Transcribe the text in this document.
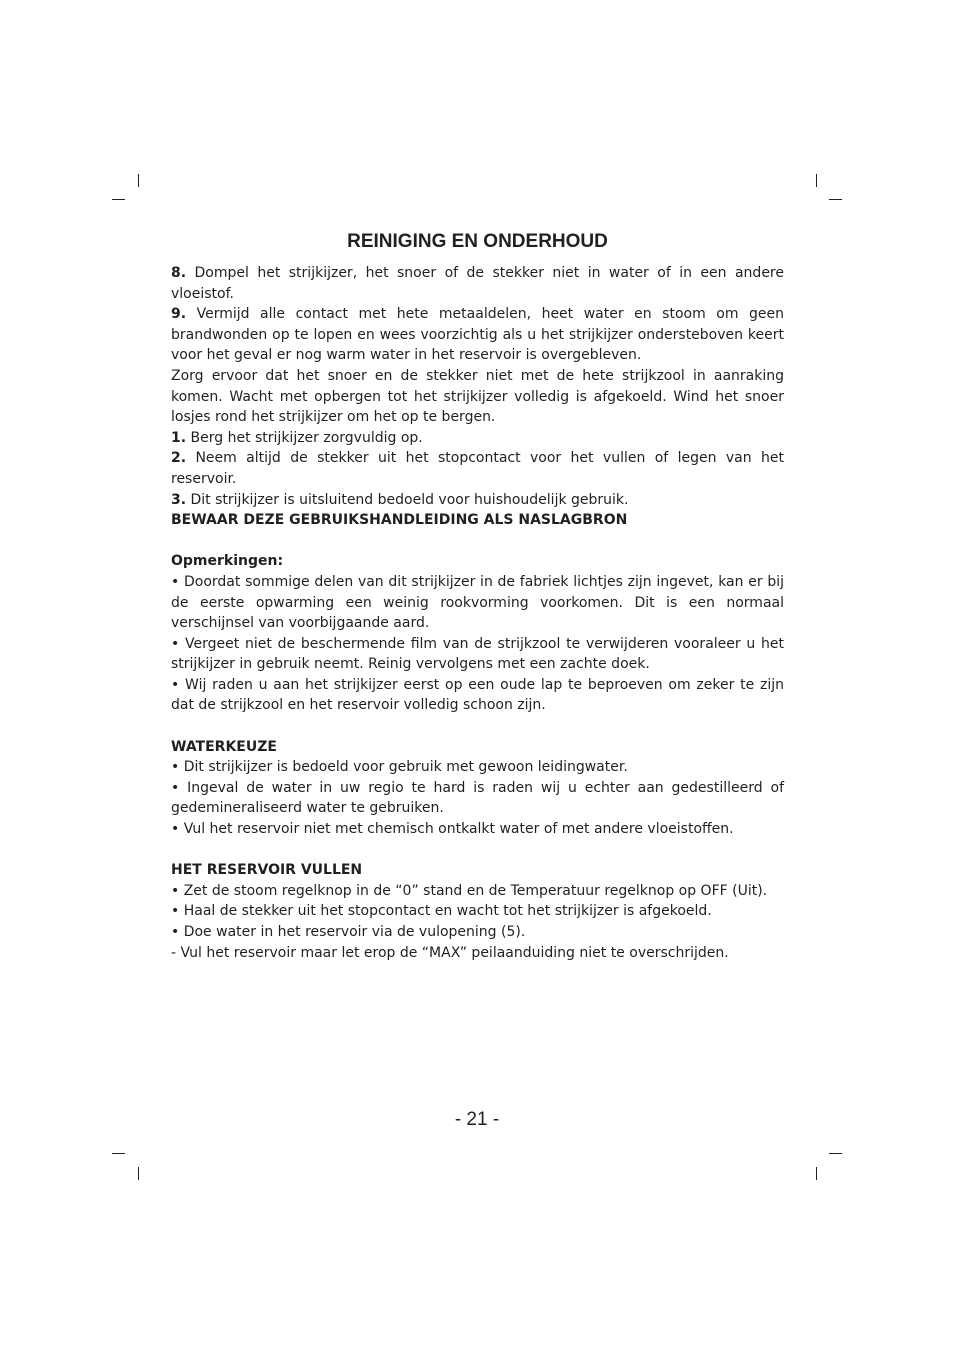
REINIGING EN ONDERHOUD

8. Dompel het strijkijzer, het snoer of de stekker niet in water of in een andere vloeistof.

9. Vermijd alle contact met hete metaaldelen, heet water en stoom om geen brandwonden op te lopen en wees voorzichtig als u het strijkijzer ondersteboven keert voor het geval er nog warm water in het reservoir is overgebleven.

Zorg ervoor dat het snoer en de stekker niet met de hete strijkzool in aanraking komen. Wacht met opbergen tot het strijkijzer volledig is afgekoeld. Wind het snoer losjes rond het strijkijzer om het op te bergen.

1. Berg het strijkijzer zorgvuldig op.

2. Neem altijd de stekker uit het stopcontact voor het vullen of legen van het reservoir.

3. Dit strijkijzer is uitsluitend bedoeld voor huishoudelijk gebruik.

BEWAAR DEZE GEBRUIKSHANDLEIDING ALS NASLAGBRON

Opmerkingen:

• Doordat sommige delen van dit strijkijzer in de fabriek lichtjes zijn ingevet, kan er bij de eerste opwarming een weinig rookvorming voorkomen. Dit is een normaal verschijnsel van voorbijgaande aard.

• Vergeet niet de beschermende film van de strijkzool te verwijderen vooraleer u het strijkijzer in gebruik neemt. Reinig vervolgens met een zachte doek.

• Wij raden u aan het strijkijzer eerst op een oude lap te beproeven om zeker te zijn dat de strijkzool en het reservoir volledig schoon zijn.

WATERKEUZE

• Dit strijkijzer is bedoeld voor gebruik met gewoon leidingwater.

• Ingeval de water in uw regio te hard is raden wij u echter aan gedestilleerd of gedemineraliseerd water te gebruiken.

• Vul het reservoir niet met chemisch ontkalkt water of met andere vloeistoffen.

HET RESERVOIR VULLEN

• Zet de stoom regelknop in de “0” stand en de Temperatuur regelknop op OFF (Uit).

• Haal de stekker uit het stopcontact en wacht tot het strijkijzer is afgekoeld.

• Doe water in het reservoir via de vulopening (5).

- Vul het reservoir maar let erop de “MAX” peilaanduiding niet te overschrijden.

- 21 -
